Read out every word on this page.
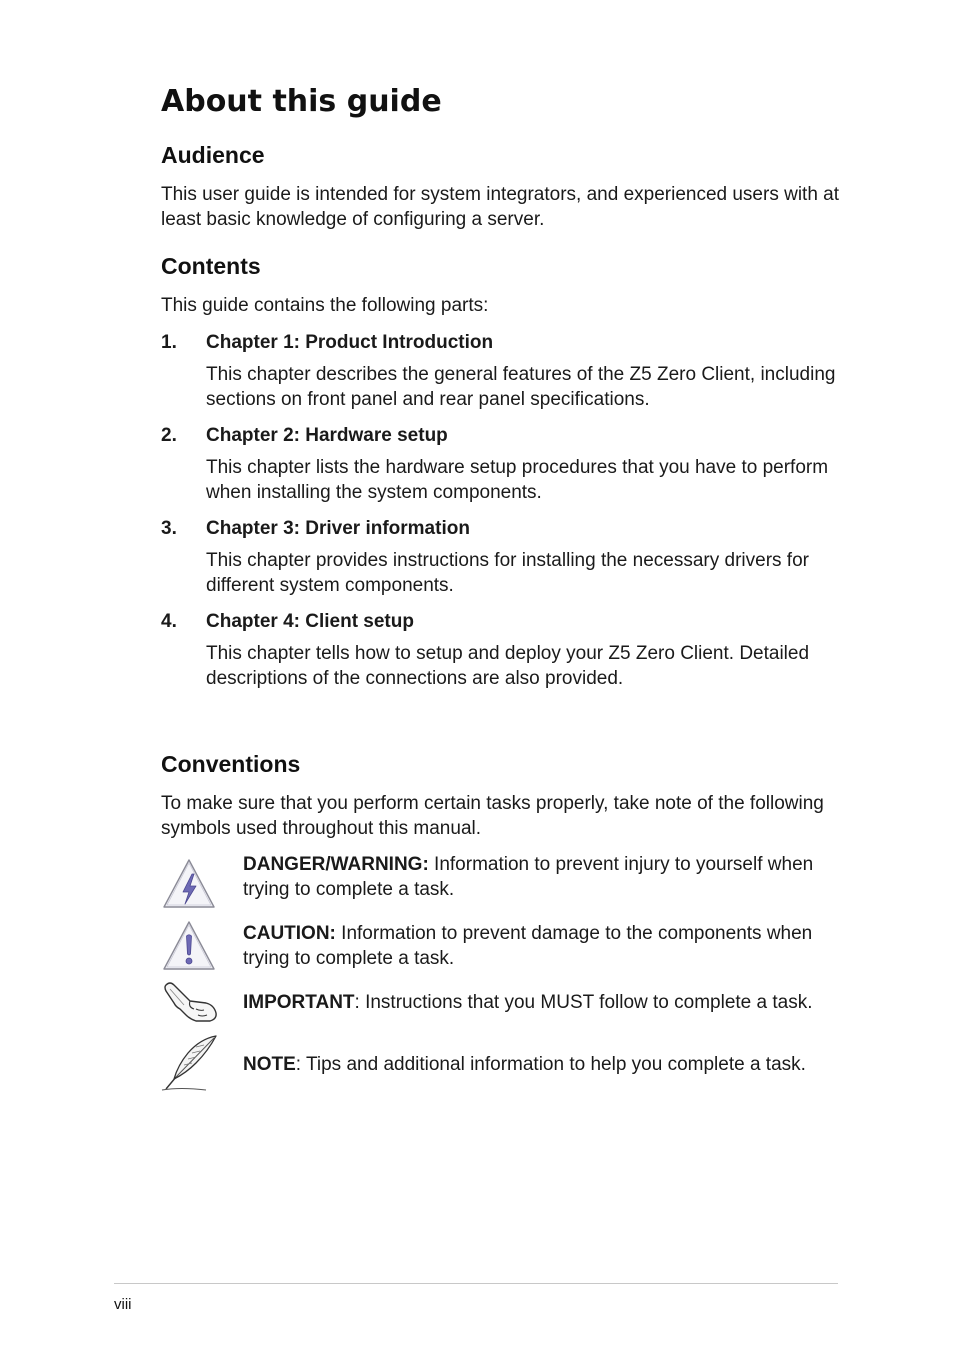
About this guide
Audience

This user guide is intended for system integrators, and experienced users with at
least basic knowledge of configuring a server.

Contents

This guide contains the following parts:

1. Chapter 1: Product Introduction

This chapter describes the general features of the Z5 Zero Client, including
sections on front panel and rear panel specifications.

2. Chapter 2: Hardware setup

This chapter lists the hardware setup procedures that you have to perform
when installing the system components.

3. Chapter 3: Driver information

This chapter provides instructions for installing the necessary drivers for
different system components.

4. Chapter 4: Client setup

This chapter tells how to setup and deploy your Z5 Zero Client. Detailed
descriptions of the connections are also provided.

Conventions

To make sure that you perform certain tasks properly, take note of the following
symbols used throughout this manual.

DANGER/WARNING: Information to prevent injury to yourself when
trying to complete a task.

CAUTION: Information to prevent damage to the components when
trying to complete a task.

IMPORTANT: Instructions that you MUST follow to complete a task.

NOTE: Tips and additional information to help you complete a task.

viii
